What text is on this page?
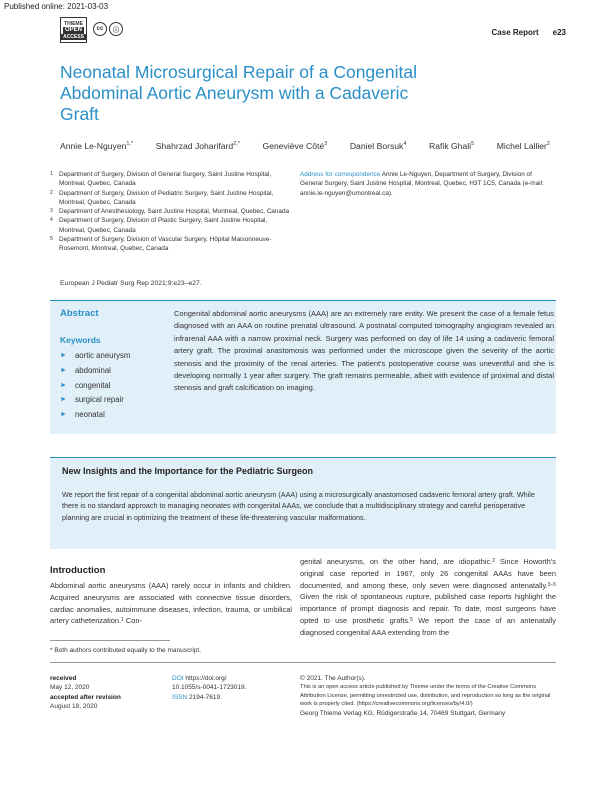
Published online: 2021-03-03
THIEME
OPEN
ACCESS
cc	ⓘ	Case Report e23
Neonatal Microsurgical Repair of a Congenital Abdominal Aortic Aneurysm with a Cadaveric Graft
Annie Le-Nguyen$^{1,*}$	Shahrzad Joharifard$^{2,*}$	Geneviève Côté$^3$	Daniel Borsuk$^4$	Rafik Ghali$^5$	Michel Lallier$^2$
1 Department of Surgery, Division of General Surgery, Saint Justine Hospital, Montreal, Quebec, Canada
2 Department of Surgery, Division of Pediatric Surgery, Saint Justine Hospital, Montreal, Quebec, Canada
3 Department of Anesthesiology, Saint Justine Hospital, Montreal, Quebec, Canada
4 Department of Surgery, Division of Plastic Surgery, Saint Justine Hospital, Montreal, Quebec, Canada
5 Department of Surgery, Division of Vascular Surgery, Hôpital Maisonneuve-Rosemont, Montreal, Quebec, Canada
Address for correspondence Annie Le-Nguyen, Department of Surgery, Division of General Surgery, Saint Justine Hospital, Montreal, Quebec, H3T 1C5, Canada (e-mail: annie.le-nguyen@umontreal.ca).
European J Pediatr Surg Rep 2021;9:e23–e27.
Abstract
Keywords
► aortic aneurysm
► abdominal
► congenital
► surgical repair
► neonatal

Congenital abdominal aortic aneurysms (AAA) are an extremely rare entity. We present the case of a female fetus diagnosed with an AAA on routine prenatal ultrasound. A postnatal computed tomography angiogram revealed an infrarenal AAA with a narrow proximal neck. Surgery was performed on day of life 14 using a cadaveric femoral artery graft. The proximal anastomosis was performed under the microscope given the severity of the aortic stenosis and the proximity of the renal arteries. The patient's postoperative course was uneventful and she is developing normally 1 year after surgery. The graft remains permeable, albeit with evidence of proximal and distal stenosis and graft calcification on imaging.

New Insights and the Importance for the Pediatric Surgeon

We report the first repair of a congenital abdominal aortic aneurysm (AAA) using a microsurgically anastomosed cadaveric femoral artery graft. While there is no standard approach to managing neonates with congenital AAAs, we conclude that a multidisciplinary strategy and careful perioperative planning are crucial in optimizing the treatment of these life-threatening vascular malformations.

Introduction

Abdominal aortic aneurysms (AAA) rarely occur in infants and children. Acquired aneurysms are associated with connective tissue disorders, cardiac anomalies, autoimmune diseases, infection, trauma, or umbilical artery catheterization.$^1$ Con-

genital aneurysms, on the other hand, are idiopathic.$^2$ Since Howorth's original case reported in 1967, only 26 congenital AAAs have been documented, and among these, only seven were diagnosed antenatally.$^{3-5}$ Given the risk of spontaneous rupture, published case reports highlight the importance of prompt diagnosis and repair. To date, most surgeons have opted to use prosthetic grafts.$^5$ We report the case of an antenatally diagnosed congenital AAA extending from the

* Both authors contributed equally to the manuscript.
received
May 12, 2020
accepted after revision
August 18, 2020
DOI https://doi.org/
10.1055/s-0041-1723019.
ISSN 2194-7619.
© 2021. The Author(s).
This is an open access article published by Thieme under the terms of the Creative Commons Attribution License, permitting unrestricted use, distribution, and reproduction so long as the original work is properly cited. (https://creativecommons.org/licenses/by/4.0/)
Georg Thieme Verlag KG, Rüdigerstraße 14, 70469 Stuttgart, Germany
